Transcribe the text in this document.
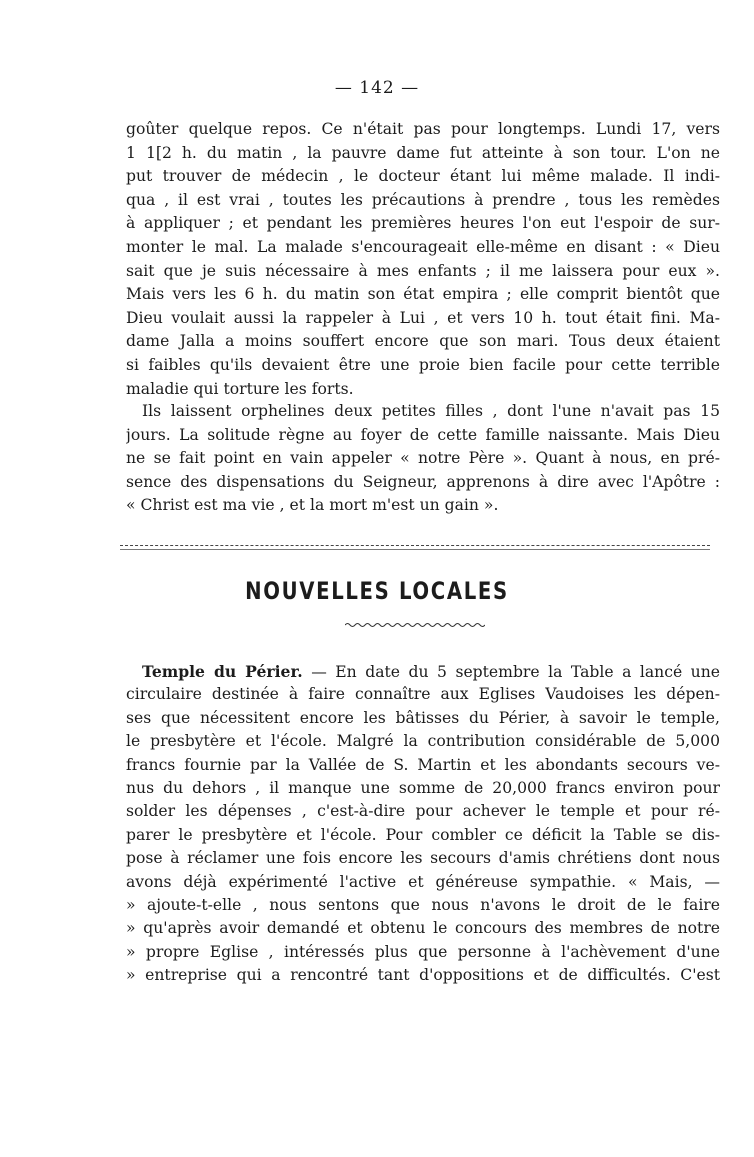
— 142 —
goûter quelque repos. Ce n'était pas pour longtemps. Lundi 17, vers
1 1[2 h. du matin , la pauvre dame fut atteinte à son tour. L'on ne
put trouver de médecin , le docteur étant lui même malade. Il indi-
qua , il est vrai , toutes les précautions à prendre , tous les remèdes
à appliquer ; et pendant les premières heures l'on eut l'espoir de sur-
monter le mal. La malade s'encourageait elle-même en disant : « Dieu
sait que je suis nécessaire à mes enfants ; il me laissera pour eux ».
Mais vers les 6 h. du matin son état empira ; elle comprit bientôt que
Dieu voulait aussi la rappeler à Lui , et vers 10 h. tout était fini. Ma-
dame Jalla a moins souffert encore que son mari. Tous deux étaient
si faibles qu'ils devaient être une proie bien facile pour cette terrible
maladie qui torture les forts.
Ils laissent orphelines deux petites filles , dont l'une n'avait pas 15
jours. La solitude règne au foyer de cette famille naissante. Mais Dieu
ne se fait point en vain appeler « notre Père ». Quant à nous, en pré-
sence des dispensations du Seigneur, apprenons à dire avec l'Apôtre :
« Christ est ma vie , et la mort m'est un gain ».
NOUVELLES LOCALES
Temple du Périer. — En date du 5 septembre la Table a lancé une
circulaire destinée à faire connaître aux Eglises Vaudoises les dépen-
ses que nécessitent encore les bâtisses du Périer, à savoir le temple,
le presbytère et l'école. Malgré la contribution considérable de 5,000
francs fournie par la Vallée de S. Martin et les abondants secours ve-
nus du dehors , il manque une somme de 20,000 francs environ pour
solder les dépenses , c'est-à-dire pour achever le temple et pour ré-
parer le presbytère et l'école. Pour combler ce déficit la Table se dis-
pose à réclamer une fois encore les secours d'amis chrétiens dont nous
avons déjà expérimenté l'active et généreuse sympathie. « Mais, —
» ajoute-t-elle , nous sentons que nous n'avons le droit de le faire
» qu'après avoir demandé et obtenu le concours des membres de notre
» propre Eglise , intéressés plus que personne à l'achèvement d'une
» entreprise qui a rencontré tant d'oppositions et de difficultés. C'est
